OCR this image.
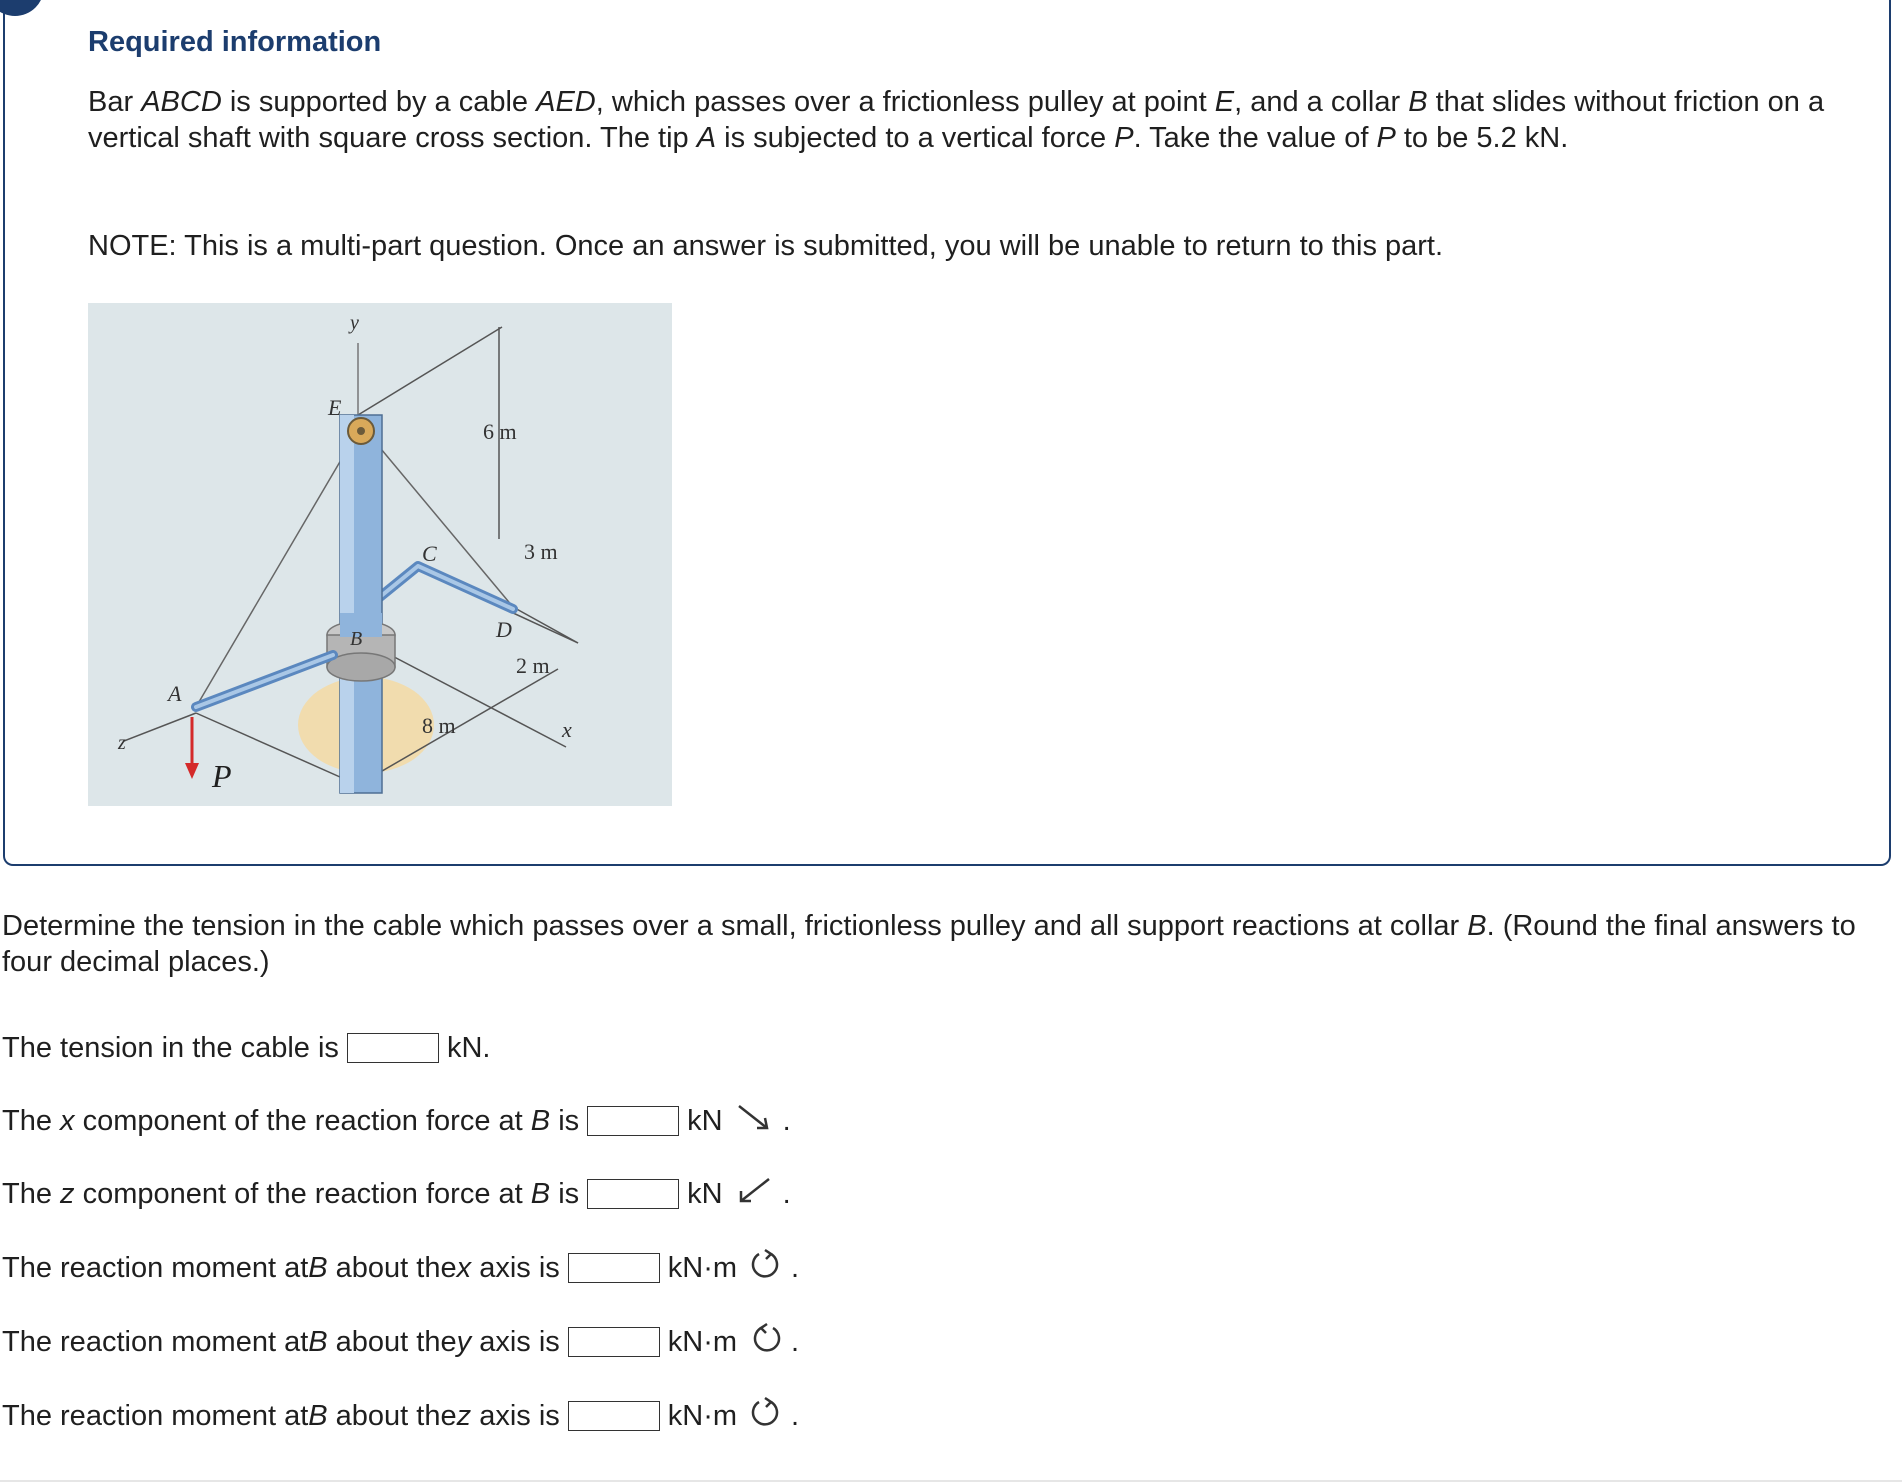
Required information

Bar ABCD is supported by a cable AED, which passes over a frictionless pulley at point E, and a collar B that slides without friction on a vertical shaft with square cross section. The tip A is subjected to a vertical force P. Take the value of P to be 5.2 kN.

NOTE: This is a multi-part question. Once an answer is submitted, you will be unable to return to this part.

y
E
6 m
C	3 m
B	D
2 m
A
8 m	x
z
P

Determine the tension in the cable which passes over a small, frictionless pulley and all support reactions at collar B. (Round the final answers to four decimal places.)

The tension in the cable is	kN.
The
x
component of the reaction force at
B
is	kN .
The
z
component of the reaction force at
B
is	kN .
The reaction moment at B
about the x
axis is	kN·m .
The reaction moment at B
about the y
axis is	kN·m .
The reaction moment at B
about the z
axis is	kN·m .
